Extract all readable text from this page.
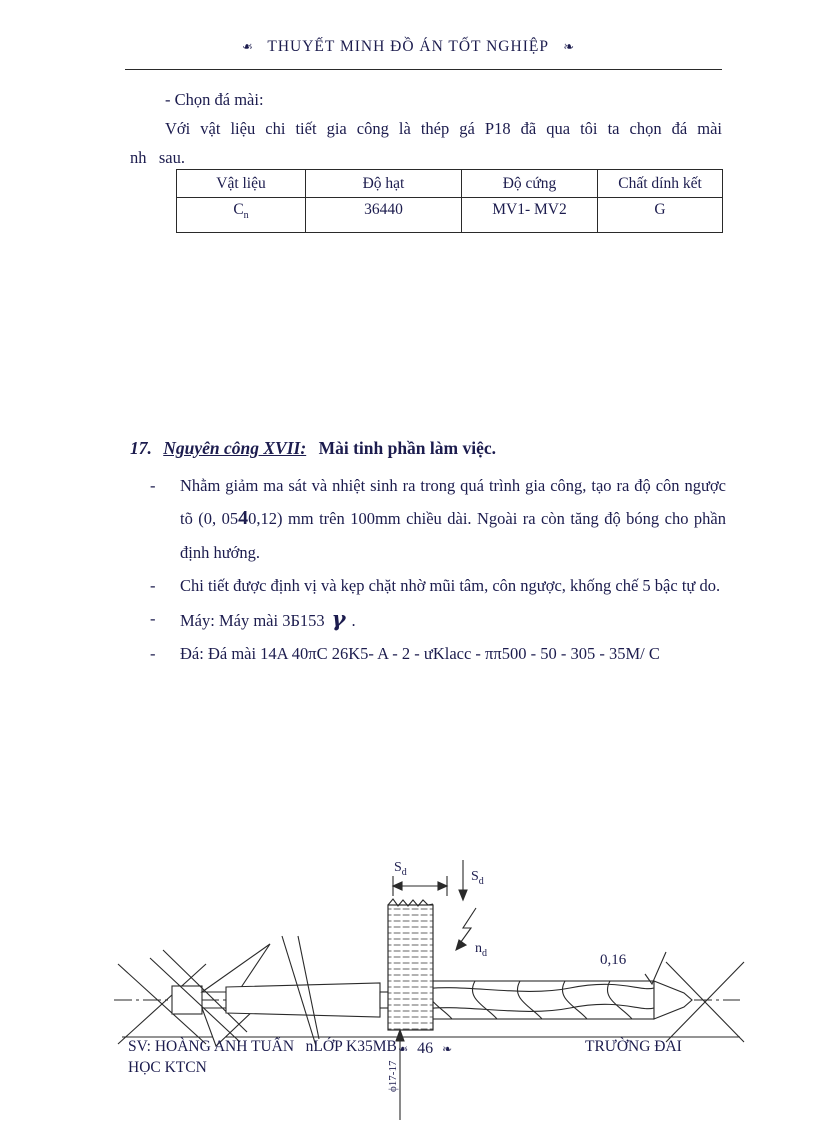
❧ THUYẾT MINH ĐỒ ÁN TỐT NGHIỆP ❧
- Chọn đá mài:
Với vật liệu chi tiết gia công là thép gá P18 đã qua tôi ta chọn đá mài
nh   sau.
Vật liệu	Độ hạt	Độ cứng	Chất dính kết
$C_n$	36440	MV1- MV2	G
17. Nguyên công XVII: Mài tinh phần làm việc.
-	Nhằm giảm ma sát và nhiệt sinh ra trong quá trình gia công, tạo ra độ côn ngược tõ (0, 0540,12) mm trên 100mm chiều dài. Ngoài ra còn tăng độ bóng cho phần định hướng.
-	Chi tiết được định vị và kẹp chặt nhờ mũi tâm, côn ngược, khống chế 5 bậc tự do.
-	Máy: Máy mài 3Б153 γ .
-	Đá: Đá mài 14A 40πC 26K5- A - 2 - ưKlacc - ππ500 - 50 - 305 - 35M/ C
$S_d$	$S_d$
$n_d$	0,16
ϕ17-17
SV: HOÀNG ANH TUẤN   nLỚP K35MB
HỌC KTCN
❧ 46 ❧	TRƯỜNG ĐAI
